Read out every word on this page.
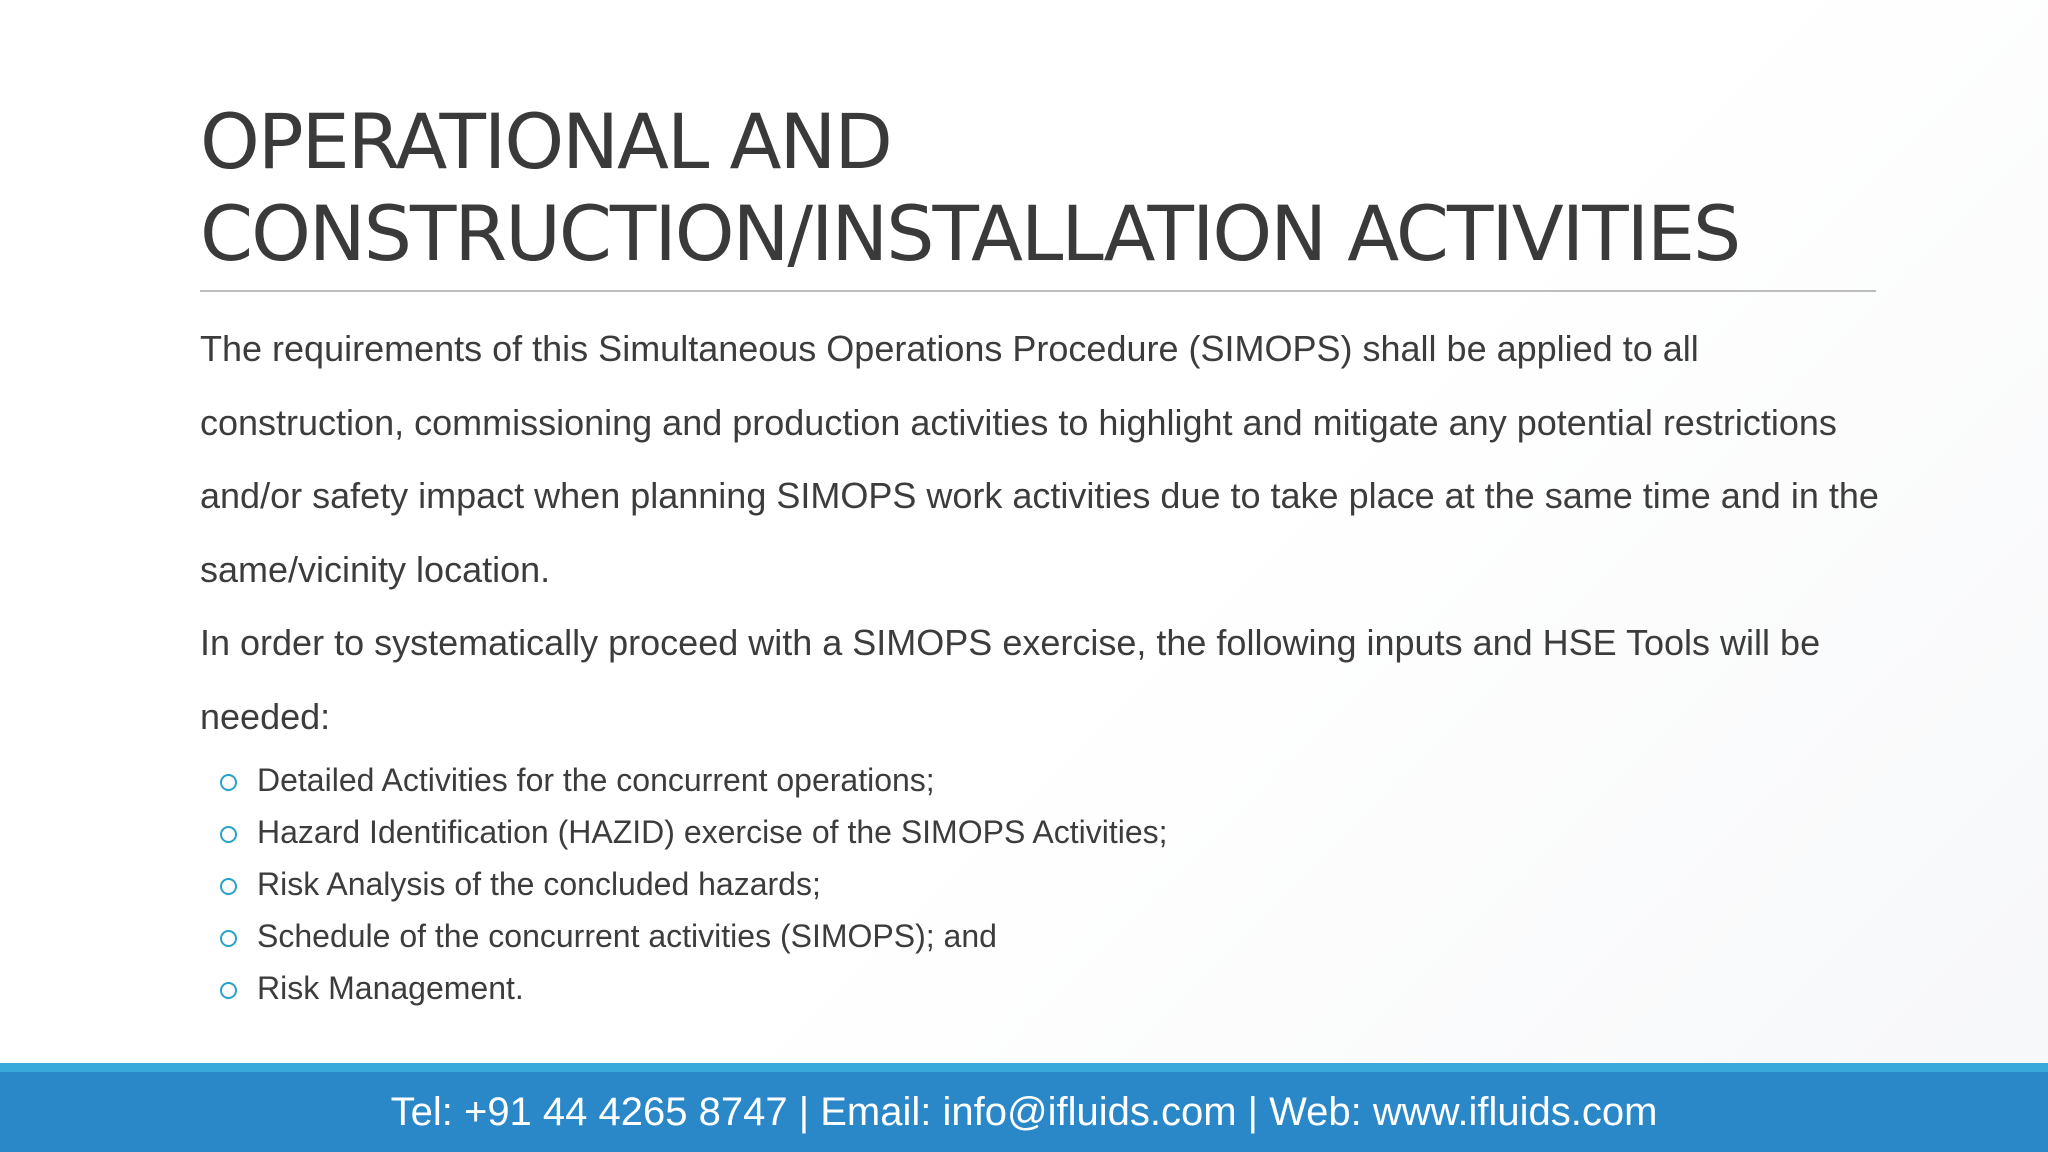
OPERATIONAL AND
CONSTRUCTION/INSTALLATION ACTIVITIES

The requirements of this Simultaneous Operations Procedure (SIMOPS) shall be applied to all construction, commissioning and production activities to highlight and mitigate any potential restrictions and/or safety impact when planning SIMOPS work activities due to take place at the same time and in the same/vicinity location.

In order to systematically proceed with a SIMOPS exercise, the following inputs and HSE Tools will be needed:

Detailed Activities for the concurrent operations;
Hazard Identification (HAZID) exercise of the SIMOPS Activities;
Risk Analysis of the concluded hazards;
Schedule of the concurrent activities (SIMOPS); and
Risk Management.
Tel: +91 44 4265 8747 | Email: info@ifluids.com | Web: www.ifluids.com
